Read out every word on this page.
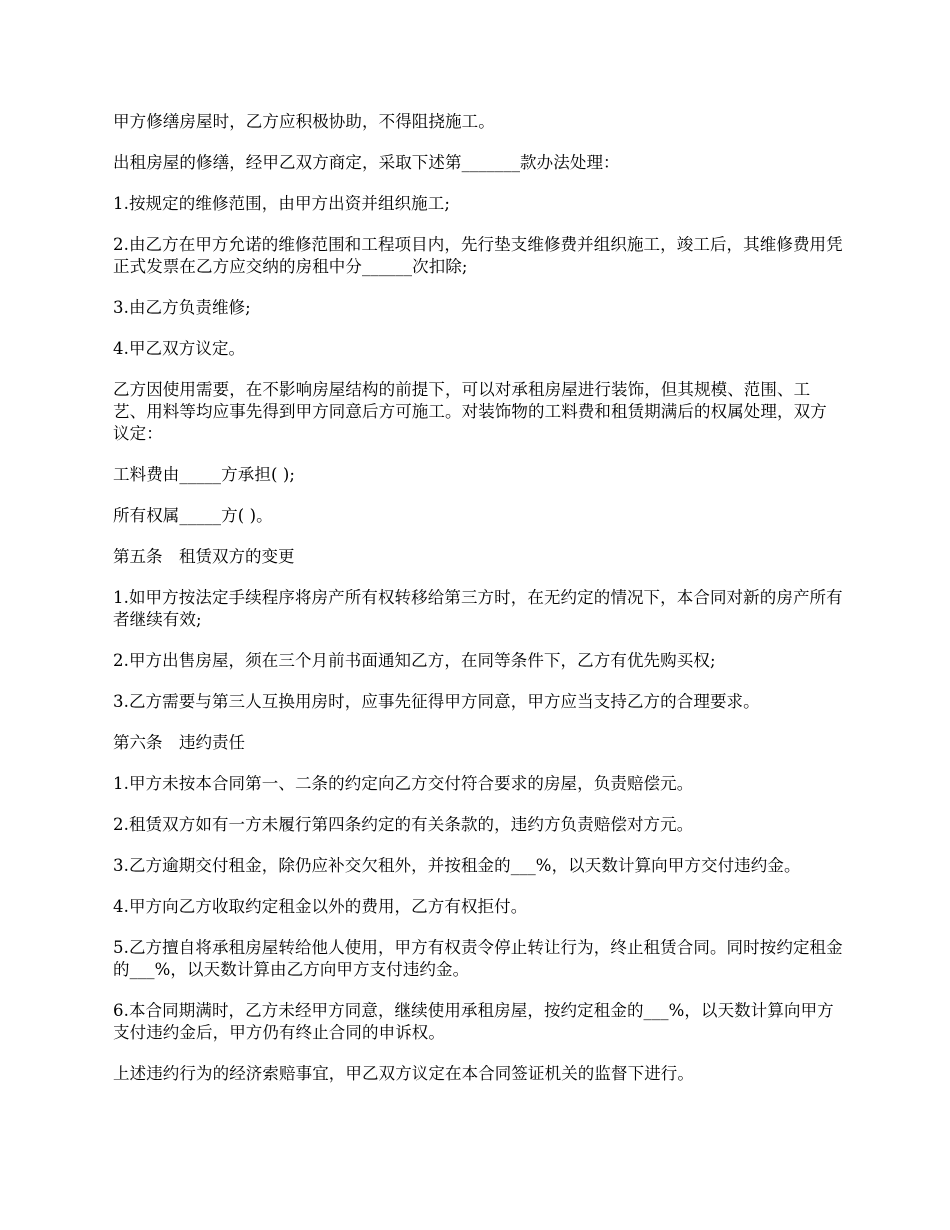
甲方修缮房屋时，乙方应积极协助，不得阻挠施工。

出租房屋的修缮，经甲乙双方商定，采取下述第_______款办法处理：

1.按规定的维修范围，由甲方出资并组织施工;

2.由乙方在甲方允诺的维修范围和工程项目内，先行垫支维修费并组织施工，竣工后，其维修费用凭正式发票在乙方应交纳的房租中分______次扣除;

3.由乙方负责维修;

4.甲乙双方议定。

乙方因使用需要，在不影响房屋结构的前提下，可以对承租房屋进行装饰，但其规模、范围、工艺、用料等均应事先得到甲方同意后方可施工。对装饰物的工料费和租赁期满后的权属处理，双方议定：

工料费由_____方承担( );

所有权属_____方( )。

第五条　租赁双方的变更

1.如甲方按法定手续程序将房产所有权转移给第三方时，在无约定的情况下，本合同对新的房产所有者继续有效;

2.甲方出售房屋，须在三个月前书面通知乙方，在同等条件下，乙方有优先购买权;

3.乙方需要与第三人互换用房时，应事先征得甲方同意，甲方应当支持乙方的合理要求。

第六条　违约责任

1.甲方未按本合同第一、二条的约定向乙方交付符合要求的房屋，负责赔偿元。

2.租赁双方如有一方未履行第四条约定的有关条款的，违约方负责赔偿对方元。

3.乙方逾期交付租金，除仍应补交欠租外，并按租金的___%，以天数计算向甲方交付违约金。

4.甲方向乙方收取约定租金以外的费用，乙方有权拒付。

5.乙方擅自将承租房屋转给他人使用，甲方有权责令停止转让行为，终止租赁合同。同时按约定租金的___%，以天数计算由乙方向甲方支付违约金。

6.本合同期满时，乙方未经甲方同意，继续使用承租房屋，按约定租金的___%，以天数计算向甲方支付违约金后，甲方仍有终止合同的申诉权。

上述违约行为的经济索赔事宜，甲乙双方议定在本合同签证机关的监督下进行。
